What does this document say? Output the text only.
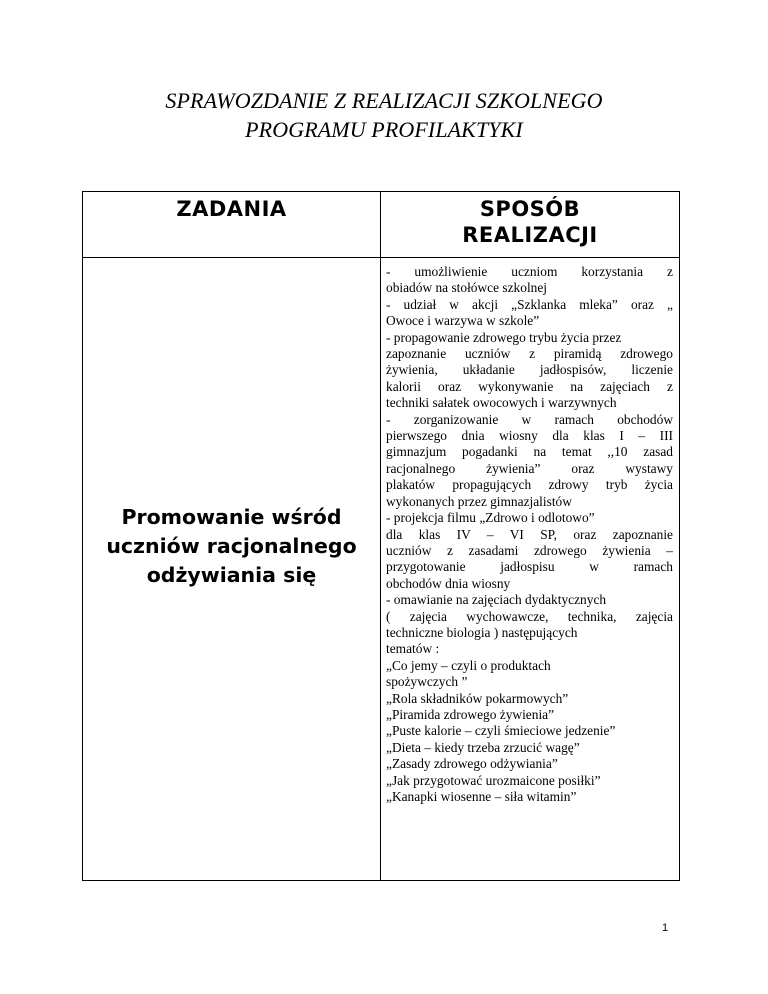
SPRAWOZDANIE Z REALIZACJI SZKOLNEGO
PROGRAMU PROFILAKTYKI
ZADANIA	SPOSÓB
REALIZACJI
Promowanie wśród
uczniów racjonalnego
odżywiania się
- umożliwienie uczniom korzystania z
obiadów na stołówce szkolnej
- udział w akcji „Szklanka mleka” oraz „
Owoce i warzywa w szkole”
- propagowanie zdrowego trybu życia przez
zapoznanie uczniów z piramidą zdrowego
żywienia, układanie jadłospisów, liczenie
kalorii oraz wykonywanie na zajęciach z
techniki sałatek owocowych i warzywnych
- zorganizowanie w ramach obchodów
pierwszego dnia wiosny dla klas I – III
gimnazjum pogadanki na temat ,,10 zasad
racjonalnego żywienia” oraz wystawy
plakatów propagujących zdrowy tryb życia
wykonanych przez gimnazjalistów
- projekcja filmu „Zdrowo i odlotowo”
dla klas IV – VI SP, oraz zapoznanie
uczniów z zasadami zdrowego żywienia –
przygotowanie jadłospisu w ramach
obchodów dnia wiosny
- omawianie na zajęciach dydaktycznych
( zajęcia wychowawcze, technika, zajęcia
techniczne biologia ) następujących
tematów :
„Co jemy – czyli o produktach
spożywczych ”
„Rola składników pokarmowych”
„Piramida zdrowego żywienia”
„Puste kalorie – czyli śmieciowe jedzenie”
„Dieta – kiedy trzeba zrzucić wagę”
„Zasady zdrowego odżywiania”
„Jak przygotować urozmaicone posiłki”
„Kanapki wiosenne – siła witamin”
1
